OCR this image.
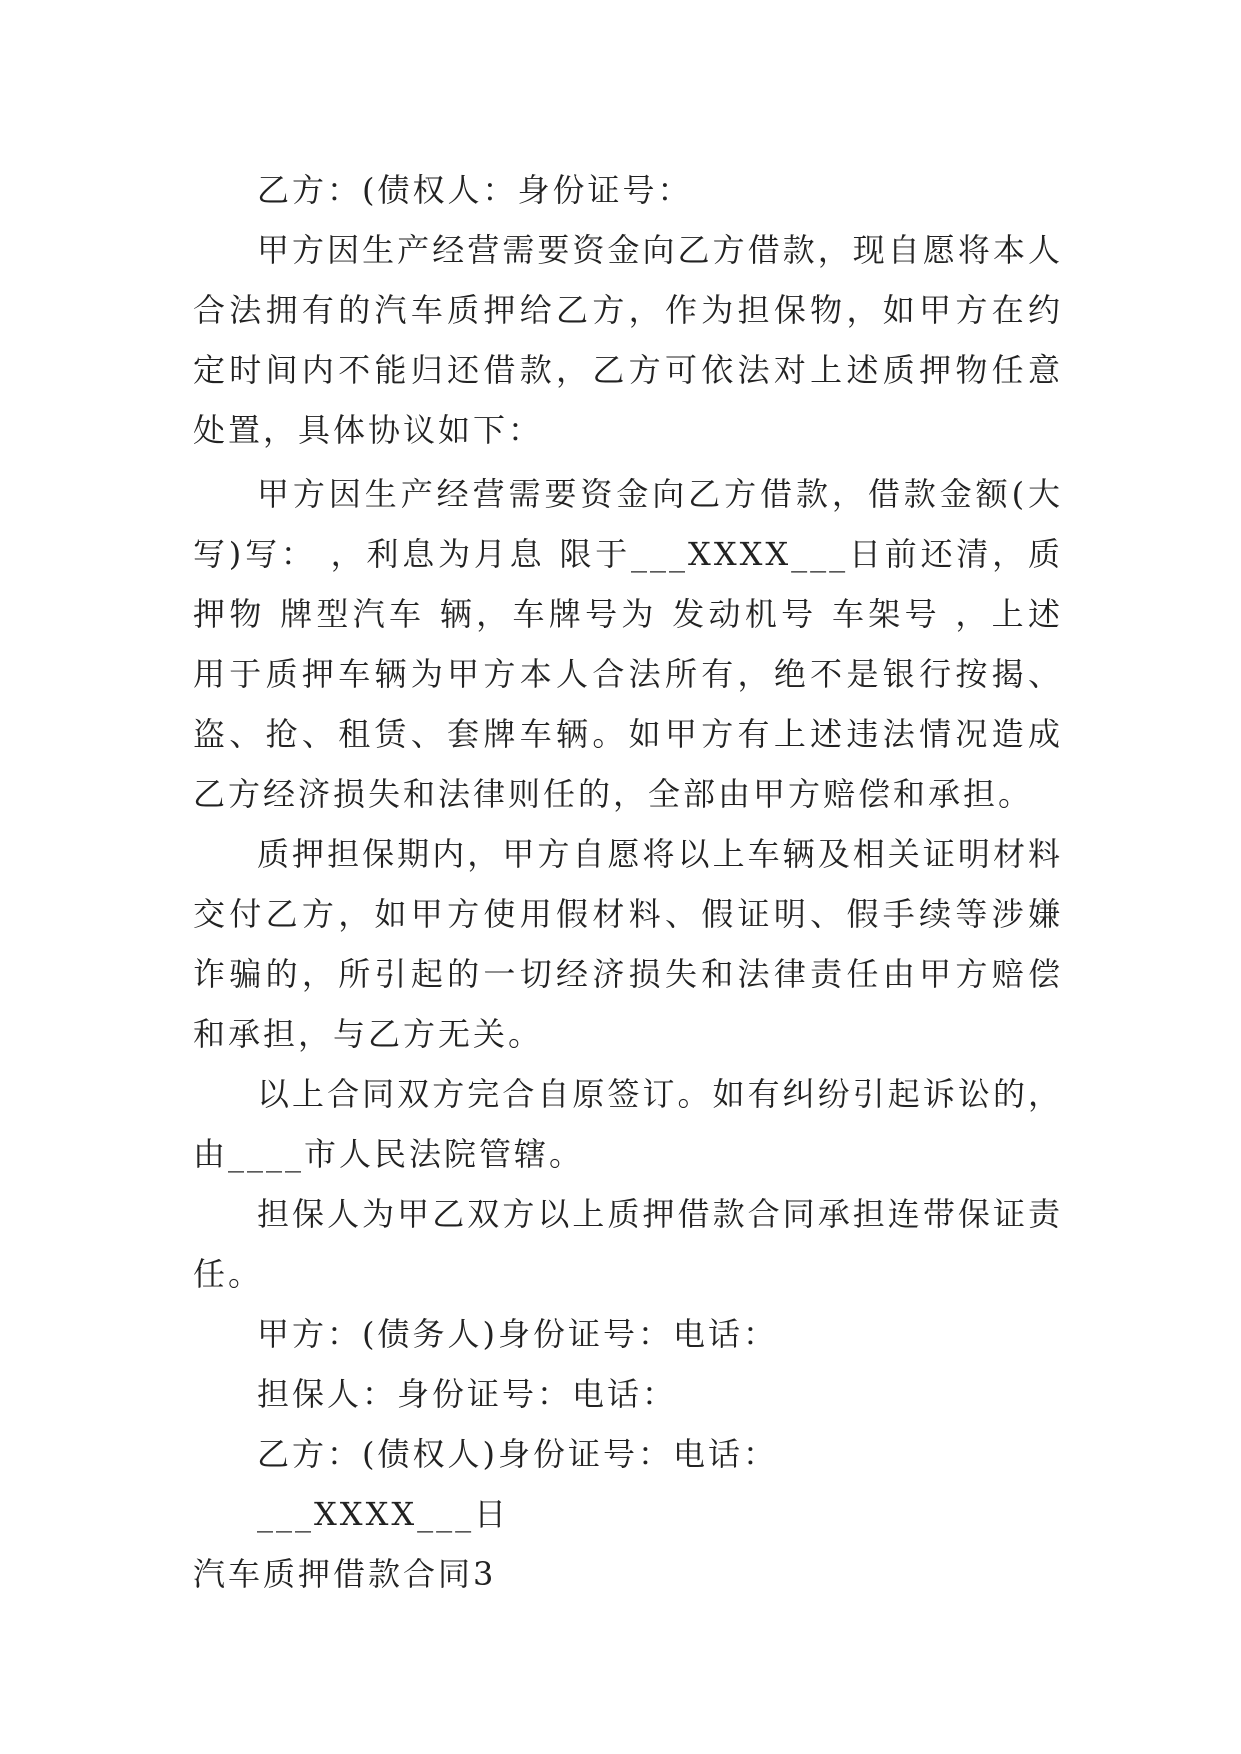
乙方：(债权人：身份证号：

甲方因生产经营需要资金向乙方借款，现自愿将本人合法拥有的汽车质押给乙方，作为担保物，如甲方在约定时间内不能归还借款，乙方可依法对上述质押物任意处置，具体协议如下：

甲方因生产经营需要资金向乙方借款，借款金额(大写)写： ，利息为月息 限于___XXXX___日前还清，质押物 牌型汽车 辆，车牌号为 发动机号 车架号 ，上述用于质押车辆为甲方本人合法所有，绝不是银行按揭、盗、抢、租赁、套牌车辆。如甲方有上述违法情况造成乙方经济损失和法律则任的，全部由甲方赔偿和承担。

质押担保期内，甲方自愿将以上车辆及相关证明材料交付乙方，如甲方使用假材料、假证明、假手续等涉嫌诈骗的，所引起的一切经济损失和法律责任由甲方赔偿和承担，与乙方无关。

以上合同双方完合自原签订。如有纠纷引起诉讼的，由____市人民法院管辖。

担保人为甲乙双方以上质押借款合同承担连带保证责任。

甲方：(债务人)身份证号：电话：

担保人：身份证号：电话：

乙方：(债权人)身份证号：电话：

___XXXX___日

汽车质押借款合同3
